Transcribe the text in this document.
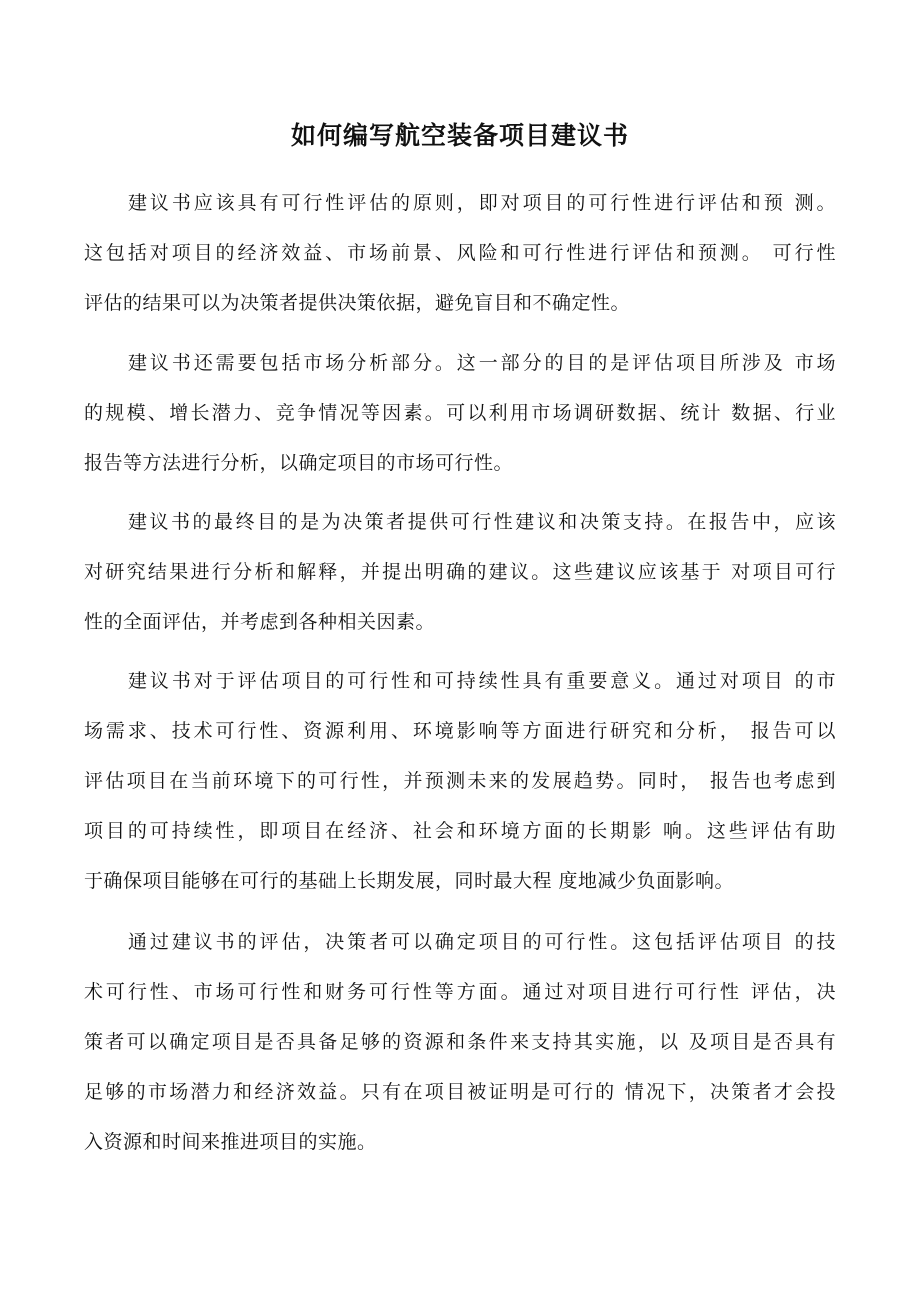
如何编写航空装备项目建议书

建议书应该具有可行性评估的原则，即对项目的可行性进行评估和预 测。
这包括对项目的经济效益、市场前景、风险和可行性进行评估和预测。 可行性
评估的结果可以为决策者提供决策依据，避免盲目和不确定性。

建议书还需要包括市场分析部分。这一部分的目的是评估项目所涉及 市场
的规模、增长潜力、竞争情况等因素。可以利用市场调研数据、统计 数据、行业
报告等方法进行分析，以确定项目的市场可行性。

建议书的最终目的是为决策者提供可行性建议和决策支持。在报告中，应该
对研究结果进行分析和解释，并提出明确的建议。这些建议应该基于 对项目可行
性的全面评估，并考虑到各种相关因素。

建议书对于评估项目的可行性和可持续性具有重要意义。通过对项目 的市
场需求、技术可行性、资源利用、环境影响等方面进行研究和分析， 报告可以
评估项目在当前环境下的可行性，并预测未来的发展趋势。同时， 报告也考虑到
项目的可持续性，即项目在经济、社会和环境方面的长期影 响。这些评估有助
于确保项目能够在可行的基础上长期发展，同时最大程 度地减少负面影响。

通过建议书的评估，决策者可以确定项目的可行性。这包括评估项目 的技
术可行性、市场可行性和财务可行性等方面。通过对项目进行可行性 评估，决
策者可以确定项目是否具备足够的资源和条件来支持其实施，以 及项目是否具有
足够的市场潜力和经济效益。只有在项目被证明是可行的 情况下，决策者才会投
入资源和时间来推进项目的实施。
